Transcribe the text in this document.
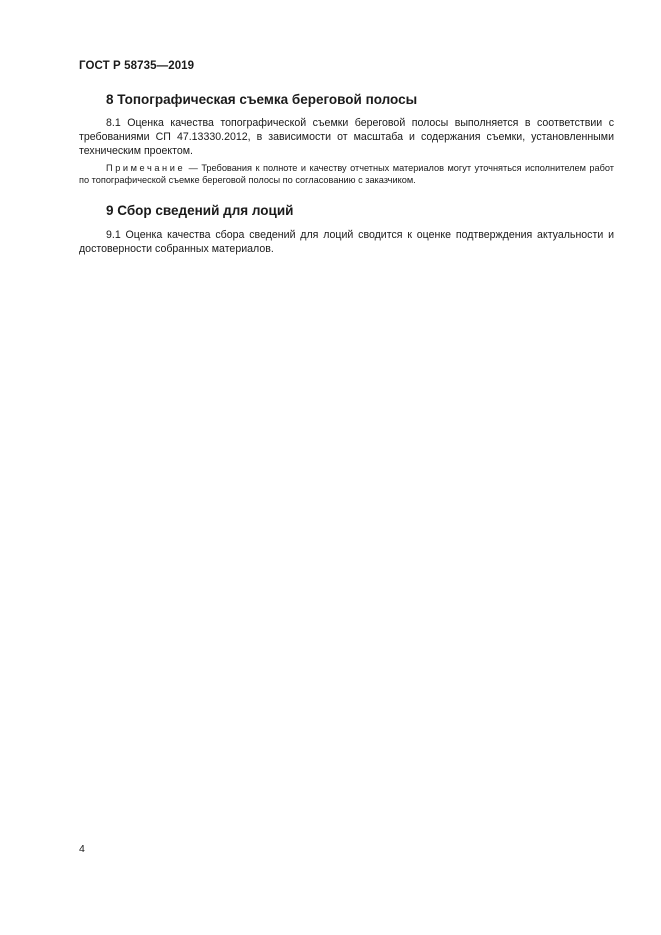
ГОСТ Р 58735—2019
8 Топографическая съемка береговой полосы
8.1 Оценка качества топографической съемки береговой полосы выполняется в соответствии с требованиями СП 47.13330.2012, в зависимости от масштаба и содержания съемки, установленными техническим проектом.
Примечание — Требования к полноте и качеству отчетных материалов могут уточняться исполнителем работ по топографической съемке береговой полосы по согласованию с заказчиком.
9 Сбор сведений для лоций
9.1 Оценка качества сбора сведений для лоций сводится к оценке подтверждения актуальности и достоверности собранных материалов.
4
